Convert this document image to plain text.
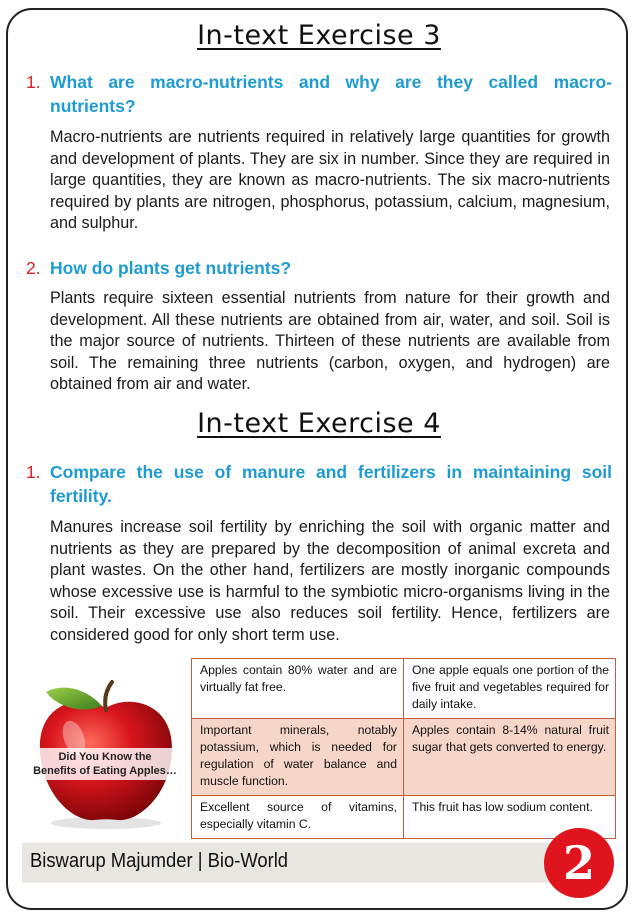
In-text Exercise 3
1. What are macro-nutrients and why are they called macro-nutrients?
Macro-nutrients are nutrients required in relatively large quantities for growth and development of plants. They are six in number. Since they are required in large quantities, they are known as macro-nutrients. The six macro-nutrients required by plants are nitrogen, phosphorus, potassium, calcium, magnesium, and sulphur.
2. How do plants get nutrients?
Plants require sixteen essential nutrients from nature for their growth and development. All these nutrients are obtained from air, water, and soil. Soil is the major source of nutrients. Thirteen of these nutrients are available from soil. The remaining three nutrients (carbon, oxygen, and hydrogen) are obtained from air and water.
In-text Exercise 4
1. Compare the use of manure and fertilizers in maintaining soil fertility.
Manures increase soil fertility by enriching the soil with organic matter and nutrients as they are prepared by the decomposition of animal excreta and plant wastes. On the other hand, fertilizers are mostly inorganic compounds whose excessive use is harmful to the symbiotic micro-organisms living in the soil. Their excessive use also reduces soil fertility. Hence, fertilizers are considered good for only short term use.
Did You Know the
Benefits of Eating Apples…
Apples contain 80% water and are virtually fat free.	One apple equals one portion of the five fruit and vegetables required for daily intake.
Important minerals, notably potassium, which is needed for regulation of water balance and muscle function.	Apples contain 8-14% natural fruit sugar that gets converted to energy.
Excellent source of vitamins, especially vitamin C.	This fruit has low sodium content.
Biswarup Majumder | Bio-World	2
